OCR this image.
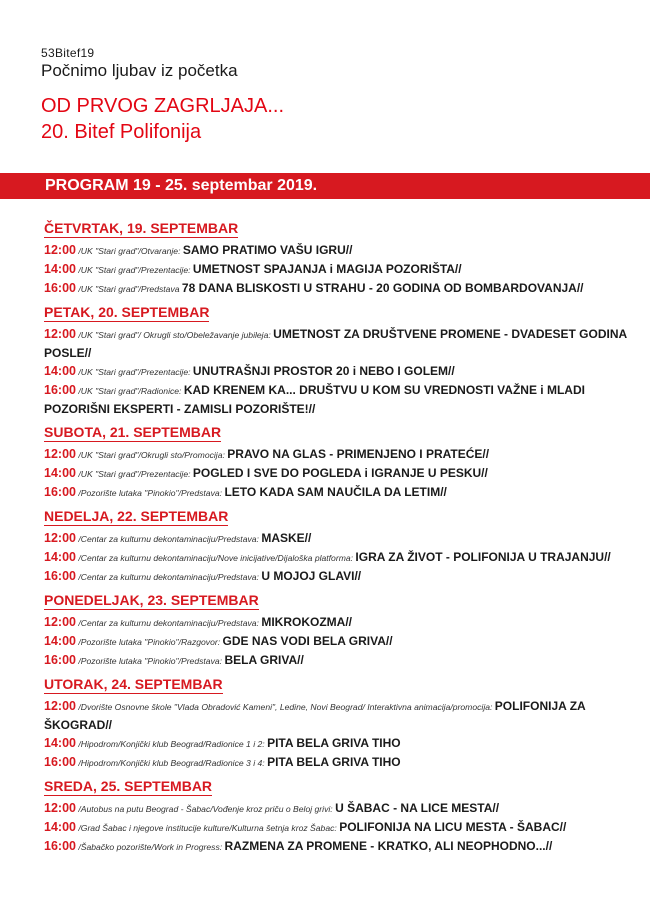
53Bitef19
Počnimo ljubav iz početka
OD PRVOG ZAGRLJAJA...
20. Bitef Polifonija
PROGRAM 19 - 25. septembar 2019.
ČETVRTAK, 19. SEPTEMBAR
12:00 /UK "Stari grad"/Otvaranje: SAMO PRATIMO VAŠU IGRU//
14:00 /UK "Stari grad"/Prezentacije: UMETNOST SPAJANJA i MAGIJA POZORIŠTA//
16:00 /UK "Stari grad"/Predstava 78 DANA BLISKOSTI U STRAHU - 20 GODINA OD BOMBARDOVANJA//
PETAK, 20. SEPTEMBAR
12:00 /UK "Stari grad"/ Okrugli sto/Obeležavanje jubileja: UMETNOST ZA DRUŠTVENE PROMENE - DVADESET GODINA POSLE//
14:00 /UK "Stari grad"/Prezentacije: UNUTRAŠNJI PROSTOR 20 i NEBO I GOLEM//
16:00 /UK "Stari grad"/Radionice: KAD KRENEM KA... DRUŠTVU U KOM SU VREDNOSTI VAŽNE i MLADI POZORIŠNI EKSPERTI - ZAMISLI POZORIŠTE!//
SUBOTA, 21. SEPTEMBAR
12:00 /UK "Stari grad"/Okrugli sto/Promocija: PRAVO NA GLAS - PRIMENJENO I PRATEĆE//
14:00 /UK "Stari grad"/Prezentacije: POGLED I SVE DO POGLEDA i IGRANJE U PESKU//
16:00 /Pozorište lutaka "Pinokio"/Predstava: LETO KADA SAM NAUČILA DA LETIM//
NEDELJA, 22. SEPTEMBAR
12:00 /Centar za kulturnu dekontaminaciju/Predstava: MASKE//
14:00 /Centar za kulturnu dekontaminaciju/Nove inicijative/Dijaloška platforma: IGRA ZA ŽIVOT - POLIFONIJA U TRAJANJU//
16:00 /Centar za kulturnu dekontaminaciju/Predstava: U MOJOJ GLAVI//
PONEDELJAK, 23. SEPTEMBAR
12:00 /Centar za kulturnu dekontaminaciju/Predstava: MIKROKOZMA//
14:00 /Pozorište lutaka "Pinokio"/Razgovor: GDE NAS VODI BELA GRIVA//
16:00 /Pozorište lutaka "Pinokio"/Predstava: BELA GRIVA//
UTORAK, 24. SEPTEMBAR
12:00 /Dvorište Osnovne škole "Vlada Obradović Kameni", Ledine, Novi Beograd/ Interaktivna animacija/promocija: POLIFONIJA ZA ŠKOGRAD//
14:00 /Hipodrom/Konjički klub Beograd/Radionice 1 i 2: PITA BELA GRIVA TIHO
16:00 /Hipodrom/Konjički klub Beograd/Radionice 3 i 4: PITA BELA GRIVA TIHO
SREDA, 25. SEPTEMBAR
12:00 /Autobus na putu Beograd - Šabac/Vođenje kroz priču o Beloj grivi: U ŠABAC - NA LICE MESTA//
14:00 /Grad Šabac i njegove institucije kulture/Kulturna šetnja kroz Šabac: POLIFONIJA NA LICU MESTA - ŠABAC//
16:00 /Šabačko pozorište/Work in Progress: RAZMENA ZA PROMENE - KRATKO, ALI NEOPHODNO...//
